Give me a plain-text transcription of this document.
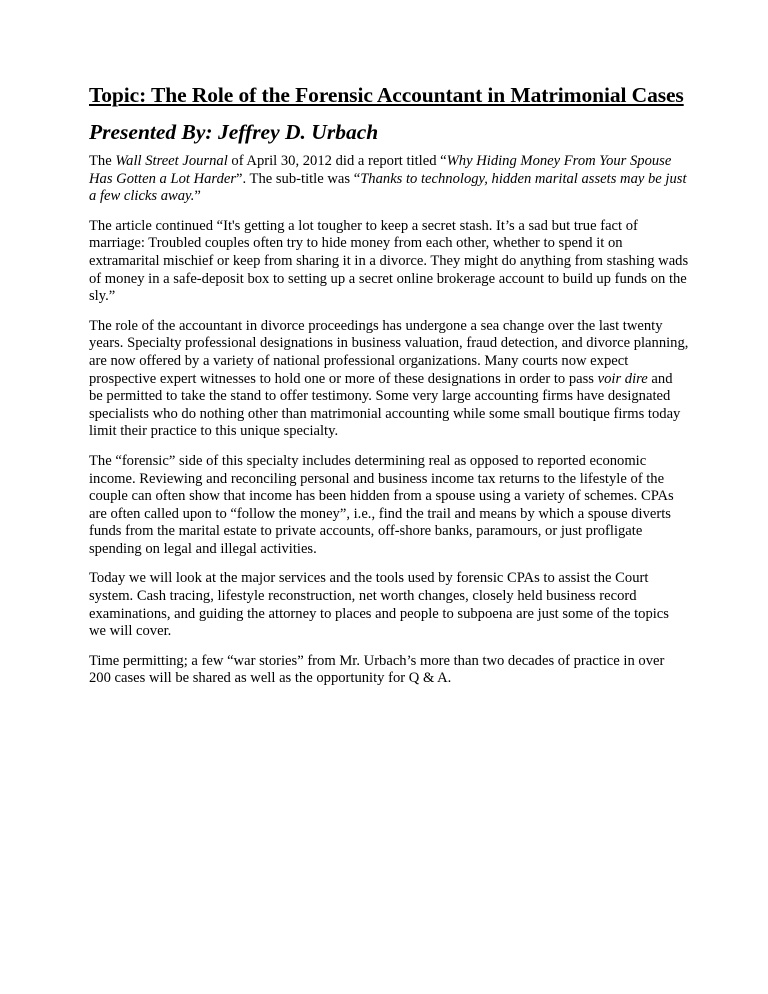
Topic: The Role of the Forensic Accountant in Matrimonial Cases
Presented By: Jeffrey D. Urbach

The Wall Street Journal of April 30, 2012 did a report titled “Why Hiding Money From Your Spouse Has Gotten a Lot Harder”. The sub-title was “Thanks to technology, hidden marital assets may be just a few clicks away.”

The article continued “It's getting a lot tougher to keep a secret stash. It’s a sad but true fact of marriage: Troubled couples often try to hide money from each other, whether to spend it on extramarital mischief or keep from sharing it in a divorce. They might do anything from stashing wads of money in a safe-deposit box to setting up a secret online brokerage account to build up funds on the sly.”

The role of the accountant in divorce proceedings has undergone a sea change over the last twenty years. Specialty professional designations in business valuation, fraud detection, and divorce planning, are now offered by a variety of national professional organizations. Many courts now expect prospective expert witnesses to hold one or more of these designations in order to pass voir dire and be permitted to take the stand to offer testimony. Some very large accounting firms have designated specialists who do nothing other than matrimonial accounting while some small boutique firms today limit their practice to this unique specialty.

The “forensic” side of this specialty includes determining real as opposed to reported economic income. Reviewing and reconciling personal and business income tax returns to the lifestyle of the couple can often show that income has been hidden from a spouse using a variety of schemes. CPAs are often called upon to “follow the money”, i.e., find the trail and means by which a spouse diverts funds from the marital estate to private accounts, off-shore banks, paramours, or just profligate spending on legal and illegal activities.

Today we will look at the major services and the tools used by forensic CPAs to assist the Court system. Cash tracing, lifestyle reconstruction, net worth changes, closely held business record examinations, and guiding the attorney to places and people to subpoena are just some of the topics we will cover.

Time permitting; a few “war stories” from Mr. Urbach’s more than two decades of practice in over 200 cases will be shared as well as the opportunity for Q & A.
